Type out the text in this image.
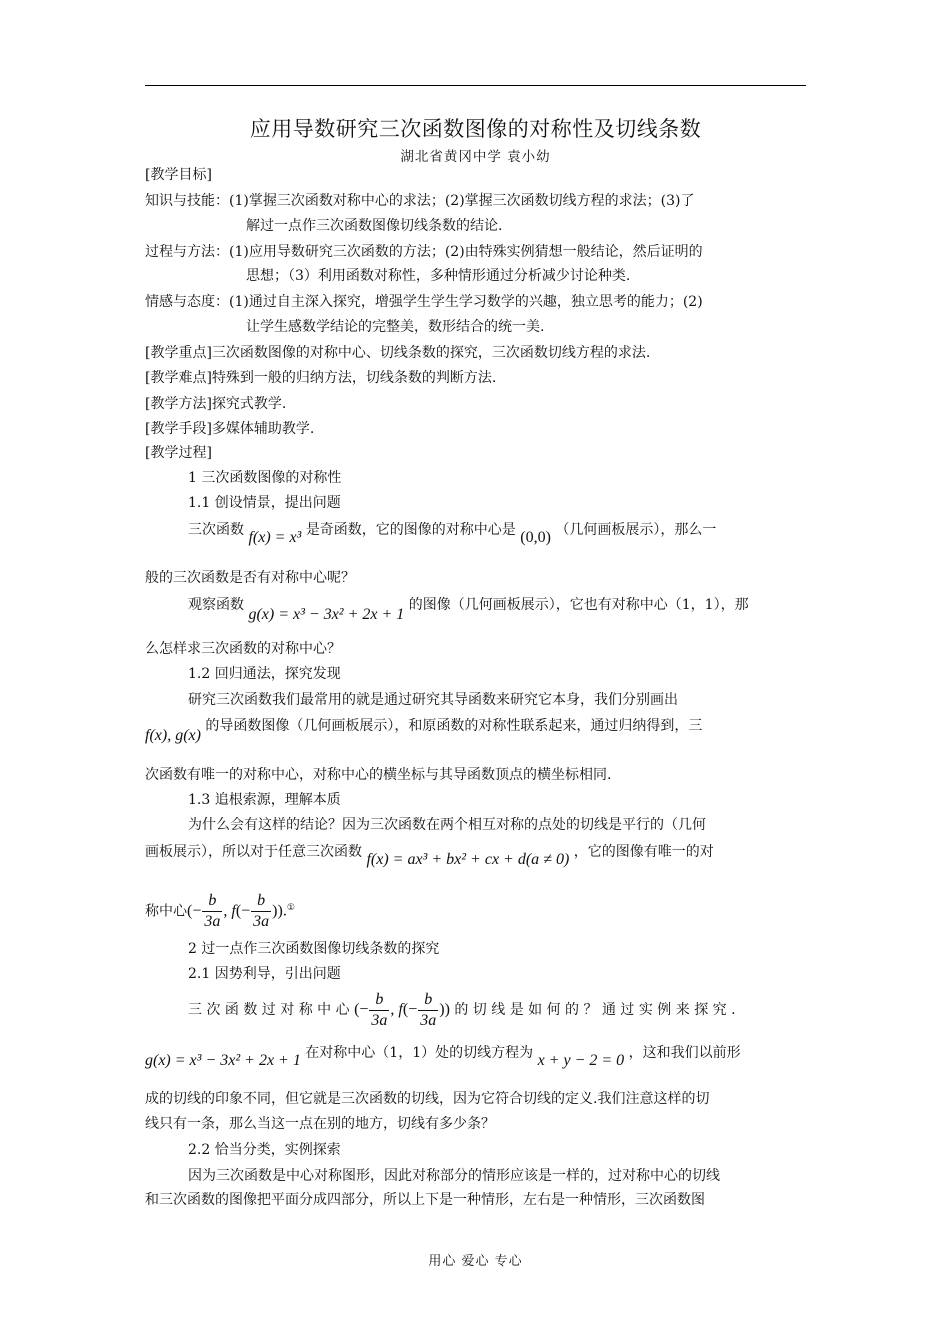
应用导数研究三次函数图像的对称性及切线条数
湖北省黄冈中学 袁小幼
[教学目标]
知识与技能：(1)掌握三次函数对称中心的求法；(2)掌握三次函数切线方程的求法；(3)了
解过一点作三次函数图像切线条数的结论.
过程与方法：(1)应用导数研究三次函数的方法；(2)由特殊实例猜想一般结论，然后证明的
思想；（3）利用函数对称性，多种情形通过分析减少讨论种类.
情感与态度：(1)通过自主深入探究，增强学生学生学习数学的兴趣，独立思考的能力；(2)
让学生感数学结论的完整美，数形结合的统一美.
[教学重点]三次函数图像的对称中心、切线条数的探究，三次函数切线方程的求法.
[教学难点]特殊到一般的归纳方法，切线条数的判断方法.
[教学方法]探究式教学.
[教学手段]多媒体辅助教学.
[教学过程]
1 三次函数图像的对称性
1.1 创设情景，提出问题
三次函数 f(x) = x³ 是奇函数，它的图像的对称中心是 (0,0) （几何画板展示），那么一
般的三次函数是否有对称中心呢？
观察函数 g(x) = x³ − 3x² + 2x + 1 的图像（几何画板展示），它也有对称中心（1，1），那
么怎样求三次函数的对称中心？
1.2 回归通法，探究发现
研究三次函数我们最常用的就是通过研究其导函数来研究它本身，我们分别画出
f(x), g(x) 的导函数图像（几何画板展示），和原函数的对称性联系起来，通过归纳得到，三
次函数有唯一的对称中心，对称中心的横坐标与其导函数顶点的横坐标相同.
1.3 追根索源，理解本质
为什么会有这样的结论？因为三次函数在两个相互对称的点处的切线是平行的（几何
画板展示），所以对于任意三次函数 f(x) = ax³ + bx² + cx + d(a ≠ 0) ，它的图像有唯一的对
称中心(− $\frac{b}{3a}$ , $f(- \frac{b}{3a} )).^①$
2 过一点作三次函数图像切线条数的探究
2.1 因势利导，引出问题
三 次 函 数 过 对 称 中 心 (− $\frac{b}{3a}$ , $f(- \frac{b}{3a}$ )) 的 切 线 是 如 何 的 ？ 通 过 实 例 来 探 究 .
g(x) = x³ − 3x² + 2x + 1 在对称中心（1，1）处的切线方程为 x + y − 2 = 0 ，这和我们以前形
成的切线的印象不同，但它就是三次函数的切线，因为它符合切线的定义.我们注意这样的切
线只有一条，那么当这一点在别的地方，切线有多少条？
2.2 恰当分类，实例探索
因为三次函数是中心对称图形，因此对称部分的情形应该是一样的，过对称中心的切线
和三次函数的图像把平面分成四部分，所以上下是一种情形，左右是一种情形，三次函数图
用心 爱心 专心
